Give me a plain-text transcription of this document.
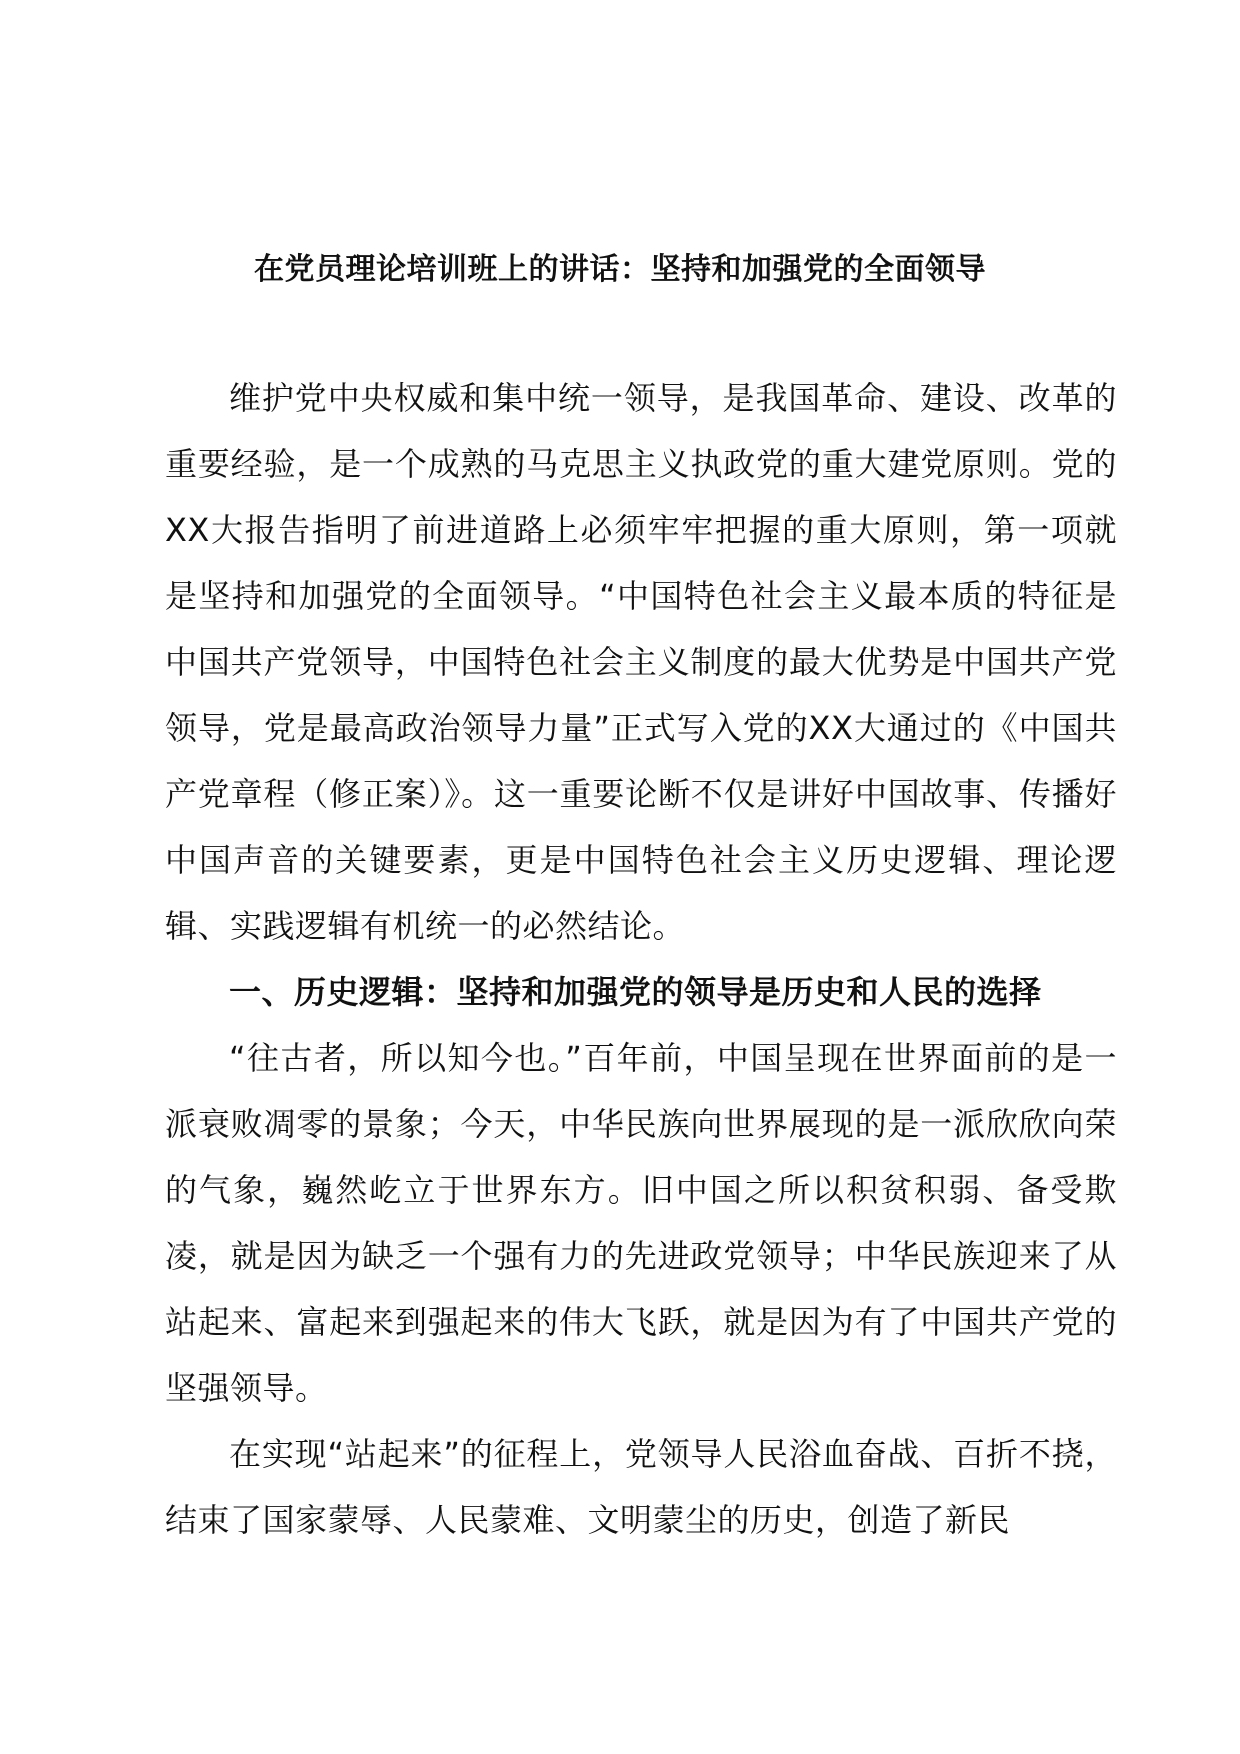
在党员理论培训班上的讲话：坚持和加强党的全面领导

维护党中央权威和集中统一领导，是我国革命、建设、改革的重要经验，是一个成熟的马克思主义执政党的重大建党原则。党的XX大报告指明了前进道路上必须牢牢把握的重大原则，第一项就是坚持和加强党的全面领导。“中国特色社会主义最本质的特征是中国共产党领导，中国特色社会主义制度的最大优势是中国共产党领导，党是最高政治领导力量”正式写入党的XX大通过的《中国共产党章程（修正案）》。这一重要论断不仅是讲好中国故事、传播好中国声音的关键要素，更是中国特色社会主义历史逻辑、理论逻辑、实践逻辑有机统一的必然结论。

一、历史逻辑：坚持和加强党的领导是历史和人民的选择

“往古者，所以知今也。”百年前，中国呈现在世界面前的是一派衰败凋零的景象；今天，中华民族向世界展现的是一派欣欣向荣的气象，巍然屹立于世界东方。旧中国之所以积贫积弱、备受欺凌，就是因为缺乏一个强有力的先进政党领导；中华民族迎来了从站起来、富起来到强起来的伟大飞跃，就是因为有了中国共产党的坚强领导。

在实现“站起来”的征程上，党领导人民浴血奋战、百折不挠，结束了国家蒙辱、人民蒙难、文明蒙尘的历史，创造了新民
